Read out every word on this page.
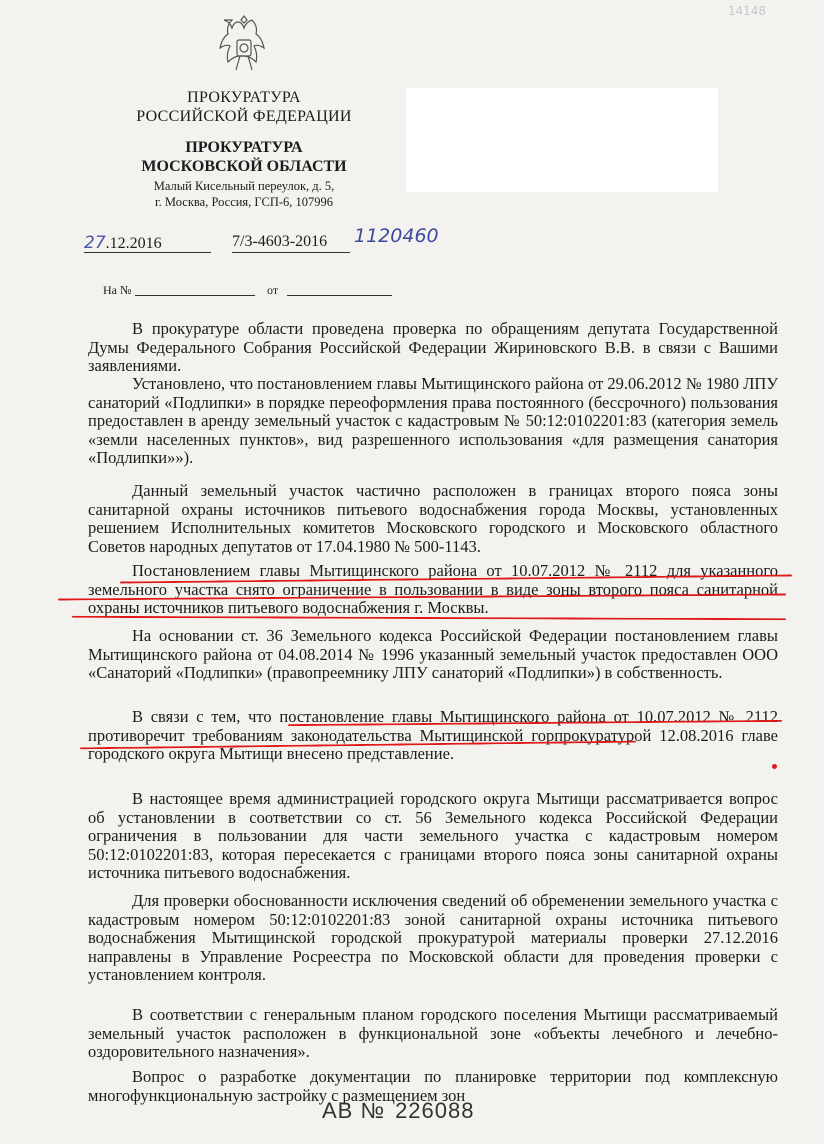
14148
ПРОКУРАТУРА
РОССИЙСКОЙ ФЕДЕРАЦИИ
ПРОКУРАТУРА
МОСКОВСКОЙ ОБЛАСТИ
Малый Кисельный переулок, д. 5,
г. Москва, Россия, ГСП-6, 107996
27.12.2016	7/3-4603-2016 1120460
На №	от

В прокуратуре области проведена проверка по обращениям депутата Государственной Думы Федерального Собрания Российской Федерации Жириновского В.В. в связи с Вашими заявлениями.

Установлено, что постановлением главы Мытищинского района от 29.06.2012 № 1980 ЛПУ санаторий «Подлипки» в порядке переоформления права постоянного (бессрочного) пользования предоставлен в аренду земельный участок с кадастровым № 50:12:0102201:83 (категория земель «земли населенных пунктов», вид разрешенного использования «для размещения санатория «Подлипки»»).

Данный земельный участок частично расположен в границах второго пояса зоны санитарной охраны источников питьевого водоснабжения города Москвы, установленных решением Исполнительных комитетов Московского городского и Московского областного Советов народных депутатов от 17.04.1980 № 500-1143.

Постановлением главы Мытищинского района от 10.07.2012 № 2112 для указанного земельного участка снято ограничение в пользовании в виде зоны второго пояса санитарной охраны источников питьевого водоснабжения г. Москвы.

На основании ст. 36 Земельного кодекса Российской Федерации постановлением главы Мытищинского района от 04.08.2014 № 1996 указанный земельный участок предоставлен ООО «Санаторий «Подлипки» (правопреемнику ЛПУ санаторий «Подлипки») в собственность.

В связи с тем, что постановление главы Мытищинского района от 10.07.2012 № 2112 противоречит требованиям законодательства Мытищинской горпрокуратурой 12.08.2016 главе городского округа Мытищи внесено представление.

В настоящее время администрацией городского округа Мытищи рассматривается вопрос об установлении в соответствии со ст. 56 Земельного кодекса Российской Федерации ограничения в пользовании для части земельного участка с кадастровым номером 50:12:0102201:83, которая пересекается с границами второго пояса зоны санитарной охраны источника питьевого водоснабжения.

Для проверки обоснованности исключения сведений об обременении земельного участка с кадастровым номером 50:12:0102201:83 зоной санитарной охраны источника питьевого водоснабжения Мытищинской городской прокуратурой материалы проверки 27.12.2016 направлены в Управление Росреестра по Московской области для проведения проверки с установлением контроля.

В соответствии с генеральным планом городского поселения Мытищи рассматриваемый земельный участок расположен в функциональной зоне «объекты лечебного и лечебно-оздоровительного назначения».

Вопрос о разработке документации по планировке территории под комплексную многофункциональную застройку с размещением зон

АВ № 226088
